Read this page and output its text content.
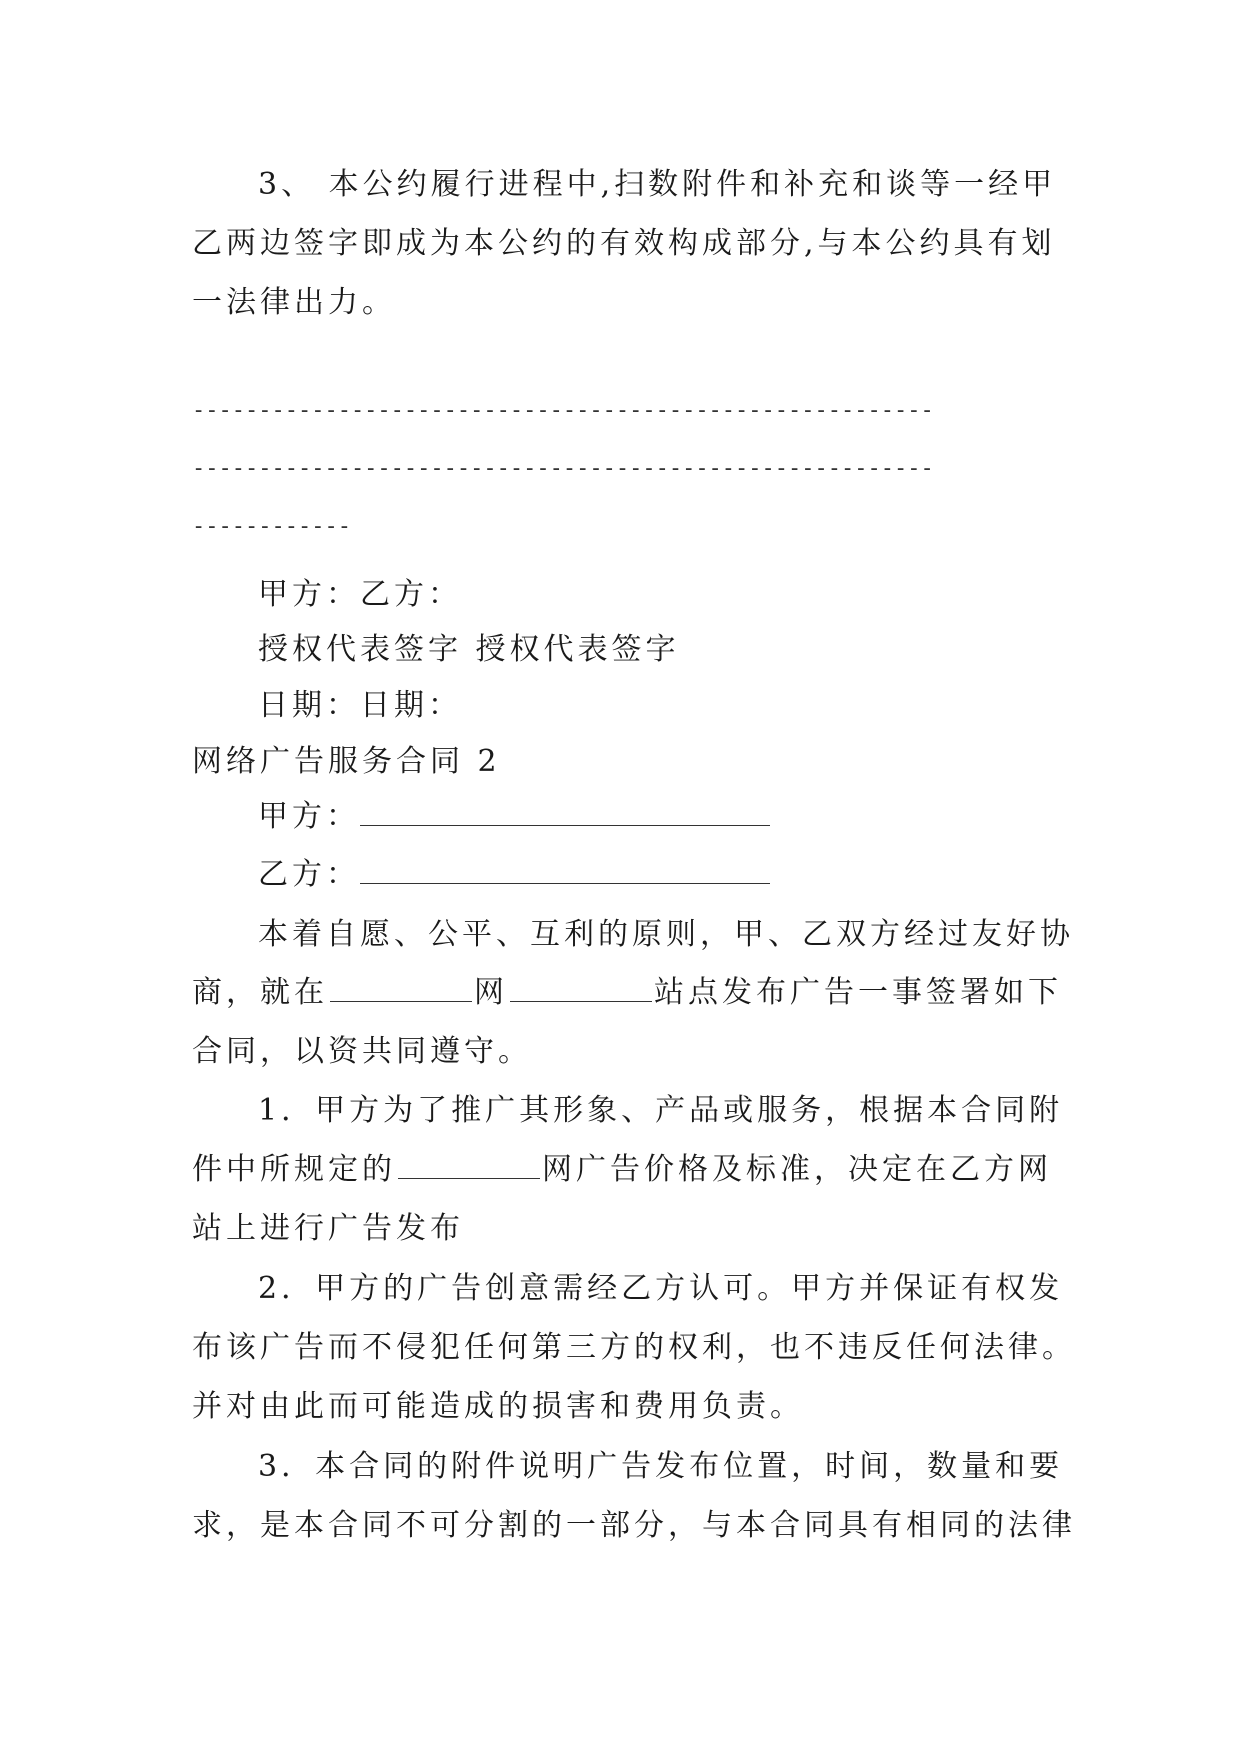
3、 本公约履行进程中,扫数附件和补充和谈等一经甲
乙两边签字即成为本公约的有效构成部分,与本公约具有划
一法律出力。
--------------------------------------------------------
--------------------------------------------------------
------------
甲方：乙方：
授权代表签字 授权代表签字
日期：日期：
网络广告服务合同 2
甲方：
乙方：
本着自愿、公平、互利的原则，甲、乙双方经过友好协
商，就在	网	站点发布广告一事签署如下
合同，以资共同遵守。
1．甲方为了推广其形象、产品或服务，根据本合同附
件中所规定的	网广告价格及标准，决定在乙方网
站上进行广告发布
2．甲方的广告创意需经乙方认可。甲方并保证有权发
布该广告而不侵犯任何第三方的权利，也不违反任何法律。
并对由此而可能造成的损害和费用负责。
3．本合同的附件说明广告发布位置，时间，数量和要
求，是本合同不可分割的一部分，与本合同具有相同的法律
